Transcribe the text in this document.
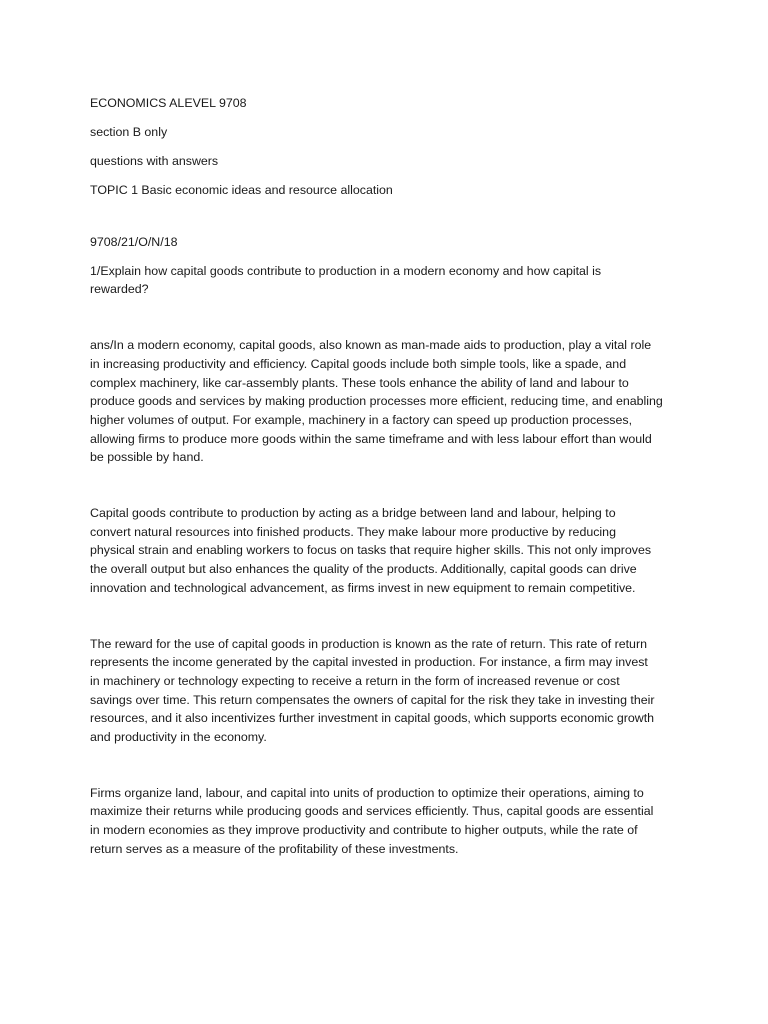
ECONOMICS ALEVEL 9708

section B only

questions with answers

TOPIC 1 Basic economic ideas and resource allocation

9708/21/O/N/18

1/Explain how capital goods contribute to production in a modern economy and how capital is

rewarded?

ans/In a modern economy, capital goods, also known as man-made aids to production, play a vital role

in increasing productivity and efficiency. Capital goods include both simple tools, like a spade, and

complex machinery, like car-assembly plants. These tools enhance the ability of land and labour to

produce goods and services by making production processes more efficient, reducing time, and enabling

higher volumes of output. For example, machinery in a factory can speed up production processes,

allowing firms to produce more goods within the same timeframe and with less labour effort than would

be possible by hand.

Capital goods contribute to production by acting as a bridge between land and labour, helping to

convert natural resources into finished products. They make labour more productive by reducing

physical strain and enabling workers to focus on tasks that require higher skills. This not only improves

the overall output but also enhances the quality of the products. Additionally, capital goods can drive

innovation and technological advancement, as firms invest in new equipment to remain competitive.

The reward for the use of capital goods in production is known as the rate of return. This rate of return

represents the income generated by the capital invested in production. For instance, a firm may invest

in machinery or technology expecting to receive a return in the form of increased revenue or cost

savings over time. This return compensates the owners of capital for the risk they take in investing their

resources, and it also incentivizes further investment in capital goods, which supports economic growth

and productivity in the economy.

Firms organize land, labour, and capital into units of production to optimize their operations, aiming to

maximize their returns while producing goods and services efficiently. Thus, capital goods are essential

in modern economies as they improve productivity and contribute to higher outputs, while the rate of

return serves as a measure of the profitability of these investments.
